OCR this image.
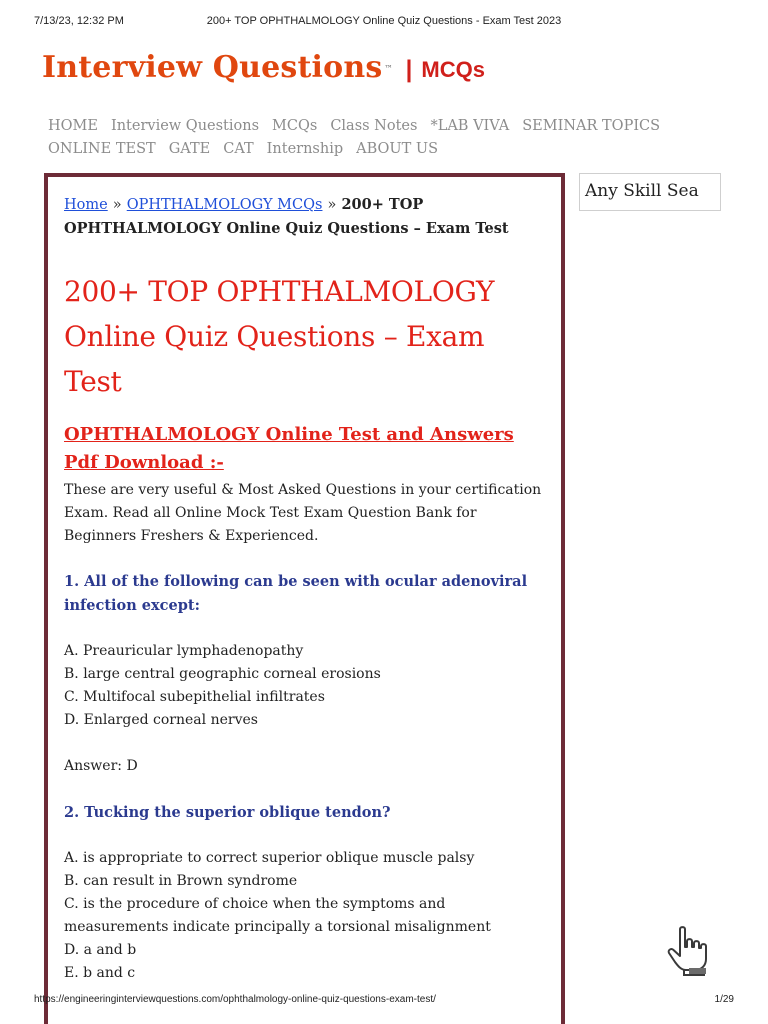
7/13/23, 12:32 PM	200+ TOP OPHTHALMOLOGY Online Quiz Questions - Exam Test 2023
Interview Questions ™ | MCQs
HOME Interview Questions MCQs Class Notes *LAB VIVA SEMINAR TOPICS
ONLINE TEST GATE CAT Internship ABOUT US
Home » OPHTHALMOLOGY MCQs » 200+ TOP OPHTHALMOLOGY Online Quiz Questions – Exam Test
200+ TOP OPHTHALMOLOGY Online Quiz Questions – Exam Test
OPHTHALMOLOGY Online Test and Answers Pdf Download :-
These are very useful & Most Asked Questions in your certification Exam. Read all Online Mock Test Exam Question Bank for Beginners Freshers & Experienced.
1. All of the following can be seen with ocular adenoviral infection except:
A. Preauricular lymphadenopathy
B. large central geographic corneal erosions
C. Multifocal subepithelial infiltrates
D. Enlarged corneal nerves
Answer: D
2. Tucking the superior oblique tendon?
A. is appropriate to correct superior oblique muscle palsy
B. can result in Brown syndrome
C. is the procedure of choice when the symptoms and measurements indicate principally a torsional misalignment
D. a and b
E. b and c
Any Skill Sea
https://engineeringinterviewquestions.com/ophthalmology-online-quiz-questions-exam-test/	1/29
